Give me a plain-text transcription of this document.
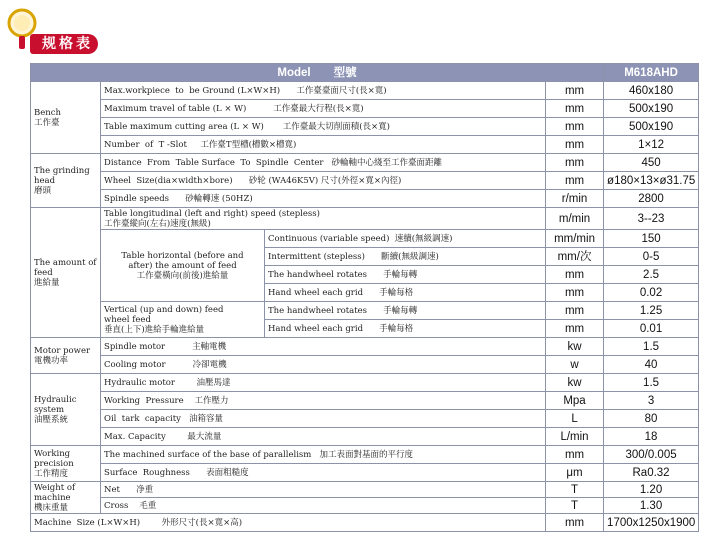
规格表
Model　　型號				M618AHD
Bench
工作臺	Max.workpiece  to  be Ground (L×W×H)      工作臺臺面尺寸(長×寬)		mm	460x180
	Maximum travel of table (L × W)          工作臺最大行程(長×寬)		mm	500x190
	Table maximum cutting area (L × W)       工作臺最大切削面積(長×寬)		mm	500x190
	Number  of  T -Slot     工作臺T型槽(槽數×槽寬)		mm	1×12
The grinding
head
磨頭	Distance  From  Table Surface  To  Spindle  Center   砂輪軸中心綫至工作臺面距離		mm	450
	Wheel  Size(dia×width×bore)      砂轮 (WA46K5V) 尺寸(外徑×寬×內徑)		mm	ø180×13×ø31.75
	Spindle speeds      砂輪轉速 (50HZ)		r/min	2800
The amount of
feed
進給量	Table longitudinal (left and right) speed (stepless)
工作臺縱向(左右)速度(無級)		m/min	3--23
	Table horizontal (before and
after) the amount of feed
工作臺橫向(前後)進給量	Continuous (variable speed)  速續(無級調速)	mm/min	150
		Intermittent (stepless)      斷續(無級調速)	mm/次	0-5
		The handwheel rotates      手輪每轉	mm	2.5
		Hand wheel each grid      手輪每格	mm	0.02
	Vertical (up and down) feed
wheel feed
垂直(上下)進給手輪進給量	The handwheel rotates      手輪每轉	mm	1.25
		Hand wheel each grid      手輪每格	mm	0.01
Motor power
電機功率	Spindle motor          主軸電機		kw	1.5
	Cooling motor          冷卻電機		w	40
Hydraulic
system
油壓系統	Hydraulic motor        油壓馬達		kw	1.5
	Working  Pressure    工作壓力		Mpa	3
	Oil  tark  capacity   油箱容量		L	80
	Max. Capacity        最大流量		L/min	18
Working
precision
工作精度	The machined surface of the base of parallelism   加工表面對基面的平行度		mm	300/0.005
	Surface  Roughness      表面粗糙度		μm	Ra0.32
Weight of
machine
機床重量	Net      净重		T	1.20
	Cross    毛重		T	1.30
Machine  Size (L×W×H)        外形尺寸(長×寬×高)			mm	1700x1250x1900
